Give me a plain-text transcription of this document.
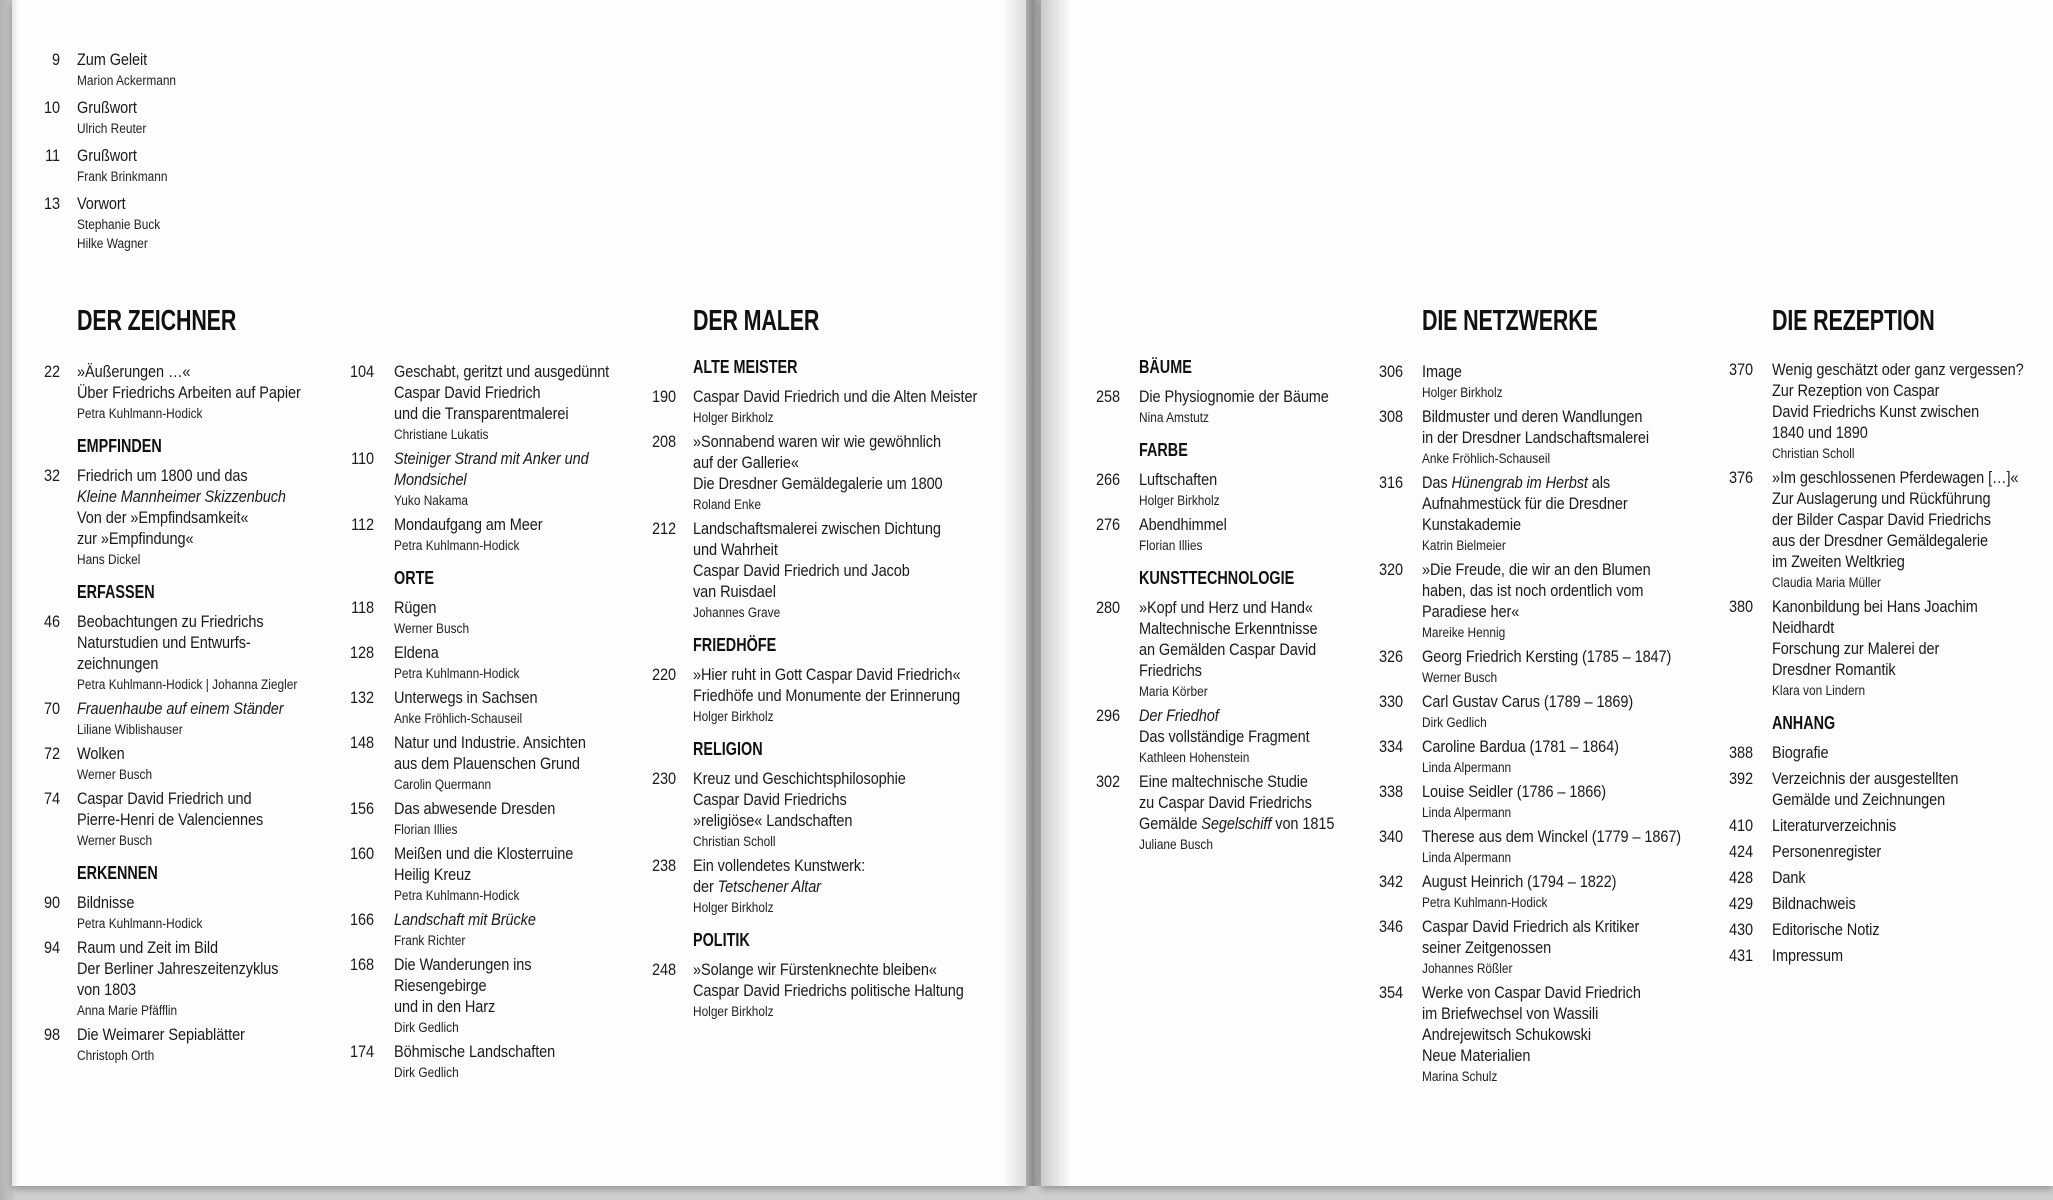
DER ZEICHNER	DER MALER	DIE NETZWERKE	DIE REZEPTION
9 Zum Geleit
Marion Ackermann
10 Grußwort
Ulrich Reuter
11 Grußwort
Frank Brinkmann
13 Vorwort
Stephanie Buck
Hilke Wagner
22 »Äußerungen …«
Über Friedrichs Arbeiten auf Papier
Petra Kuhlmann-Hodick
EMPFINDEN
32 Friedrich um 1800 und das
Kleine Mannheimer Skizzenbuch
Von der »Empfindsamkeit«
zur »Empfindung«
Hans Dickel
ERFASSEN
46 Beobachtungen zu Friedrichs
Naturstudien und Entwurfs-
zeichnungen
Petra Kuhlmann-Hodick | Johanna Ziegler
70 Frauenhaube auf einem Ständer
Liliane Wiblishauser
72 Wolken
Werner Busch
74 Caspar David Friedrich und
Pierre-Henri de Valenciennes
Werner Busch
ERKENNEN
90 Bildnisse
Petra Kuhlmann-Hodick
94 Raum und Zeit im Bild
Der Berliner Jahreszeitenzyklus
von 1803
Anna Marie Pfäfflin
98 Die Weimarer Sepiablätter
Christoph Orth
104 Geschabt, geritzt und ausgedünnt
Caspar David Friedrich
und die Transparentmalerei
Christiane Lukatis
110 Steiniger Strand mit Anker und
Mondsichel
Yuko Nakama
112 Mondaufgang am Meer
Petra Kuhlmann-Hodick
ORTE
118 Rügen
Werner Busch
128 Eldena
Petra Kuhlmann-Hodick
132 Unterwegs in Sachsen
Anke Fröhlich-Schauseil
148 Natur und Industrie. Ansichten
aus dem Plauenschen Grund
Carolin Quermann
156 Das abwesende Dresden
Florian Illies
160 Meißen und die Klosterruine
Heilig Kreuz
Petra Kuhlmann-Hodick
166 Landschaft mit Brücke
Frank Richter
168 Die Wanderungen ins
Riesengebirge
und in den Harz
Dirk Gedlich
174 Böhmische Landschaften
Dirk Gedlich
ALTE MEISTER
190 Caspar David Friedrich und die Alten Meister
Holger Birkholz
208 »Sonnabend waren wir wie gewöhnlich
auf der Gallerie«
Die Dresdner Gemäldegalerie um 1800
Roland Enke
212 Landschaftsmalerei zwischen Dichtung
und Wahrheit
Caspar David Friedrich und Jacob
van Ruisdael
Johannes Grave
FRIEDHÖFE
220 »Hier ruht in Gott Caspar David Friedrich«
Friedhöfe und Monumente der Erinnerung
Holger Birkholz
RELIGION
230 Kreuz und Geschichtsphilosophie
Caspar David Friedrichs
»religiöse« Landschaften
Christian Scholl
238 Ein vollendetes Kunstwerk:
der Tetschener Altar
Holger Birkholz
POLITIK
248 »Solange wir Fürstenknechte bleiben«
Caspar David Friedrichs politische Haltung
Holger Birkholz
BÄUME
258 Die Physiognomie der Bäume
Nina Amstutz
FARBE
266 Luftschaften
Holger Birkholz
276 Abendhimmel
Florian Illies
KUNSTTECHNOLOGIE
280 »Kopf und Herz und Hand«
Maltechnische Erkenntnisse
an Gemälden Caspar David
Friedrichs
Maria Körber
296 Der Friedhof
Das vollständige Fragment
Kathleen Hohenstein
302 Eine maltechnische Studie
zu Caspar David Friedrichs
Gemälde Segelschiff von 1815
Juliane Busch
306 Image
Holger Birkholz
308 Bildmuster und deren Wandlungen
in der Dresdner Landschaftsmalerei
Anke Fröhlich-Schauseil
316 Das Hünengrab im Herbst als
Aufnahmestück für die Dresdner
Kunstakademie
Katrin Bielmeier
320 »Die Freude, die wir an den Blumen
haben, das ist noch ordentlich vom
Paradiese her«
Mareike Hennig
326 Georg Friedrich Kersting (1785 – 1847)
Werner Busch
330 Carl Gustav Carus (1789 – 1869)
Dirk Gedlich
334 Caroline Bardua (1781 – 1864)
Linda Alpermann
338 Louise Seidler (1786 – 1866)
Linda Alpermann
340 Therese aus dem Winckel (1779 – 1867)
Linda Alpermann
342 August Heinrich (1794 – 1822)
Petra Kuhlmann-Hodick
346 Caspar David Friedrich als Kritiker
seiner Zeitgenossen
Johannes Rößler
354 Werke von Caspar David Friedrich
im Briefwechsel von Wassili
Andrejewitsch Schukowski
Neue Materialien
Marina Schulz
370 Wenig geschätzt oder ganz vergessen?
Zur Rezeption von Caspar
David Friedrichs Kunst zwischen
1840 und 1890
Christian Scholl
376 »Im geschlossenen Pferdewagen […]«
Zur Auslagerung und Rückführung
der Bilder Caspar David Friedrichs
aus der Dresdner Gemäldegalerie
im Zweiten Weltkrieg
Claudia Maria Müller
380 Kanonbildung bei Hans Joachim
Neidhardt
Forschung zur Malerei der
Dresdner Romantik
Klara von Lindern
ANHANG
388 Biografie
392 Verzeichnis der ausgestellten
Gemälde und Zeichnungen
410 Literaturverzeichnis
424 Personenregister
428 Dank
429 Bildnachweis
430 Editorische Notiz
431 Impressum
